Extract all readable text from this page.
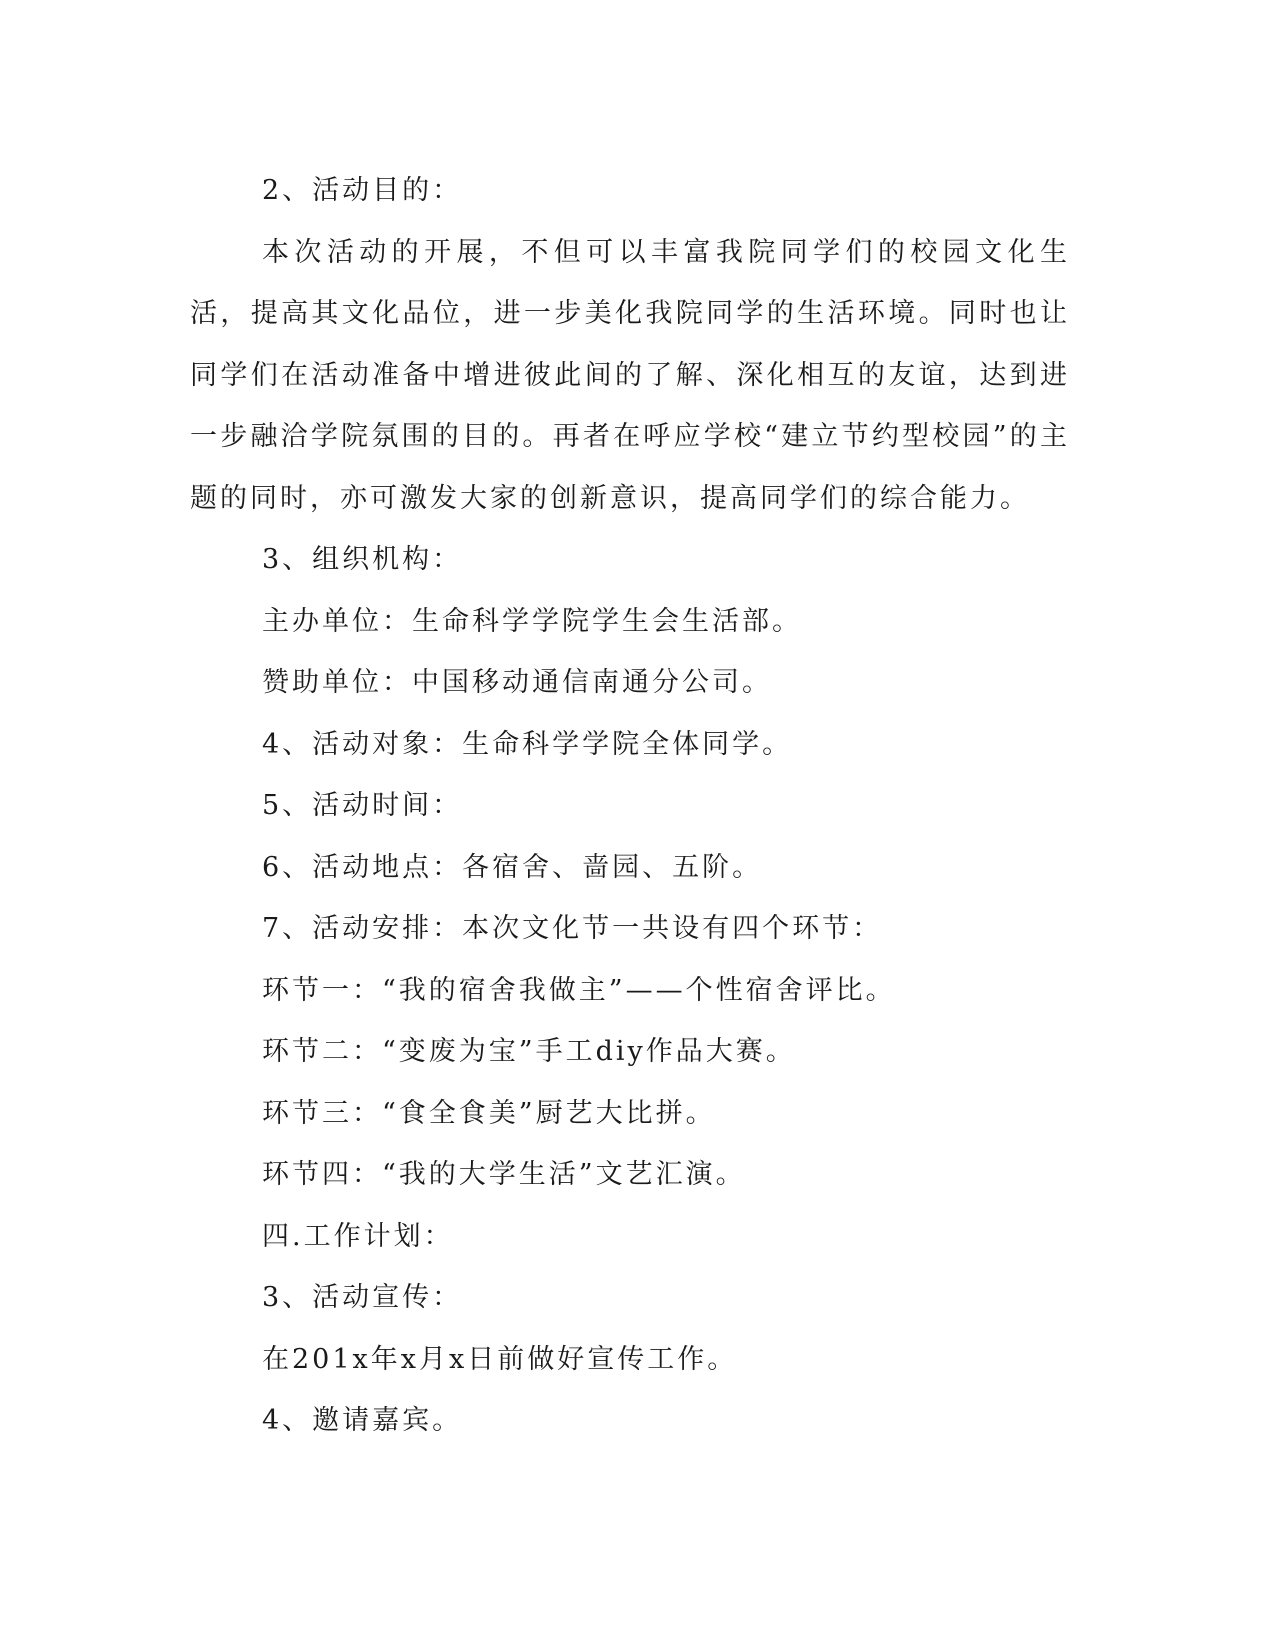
2、活动目的：

本次活动的开展，不但可以丰富我院同学们的校园文化生活，提高其文化品位，进一步美化我院同学的生活环境。同时也让同学们在活动准备中增进彼此间的了解、深化相互的友谊，达到进一步融洽学院氛围的目的。再者在呼应学校“建立节约型校园”的主题的同时，亦可激发大家的创新意识，提高同学们的综合能力。

3、组织机构：

主办单位：生命科学学院学生会生活部。

赞助单位：中国移动通信南通分公司。

4、活动对象：生命科学学院全体同学。

5、活动时间：

6、活动地点：各宿舍、啬园、五阶。

7、活动安排：本次文化节一共设有四个环节：

环节一：“我的宿舍我做主”——个性宿舍评比。

环节二：“变废为宝”手工diy作品大赛。

环节三：“食全食美”厨艺大比拼。

环节四：“我的大学生活”文艺汇演。

四.工作计划：

3、活动宣传：

在201x年x月x日前做好宣传工作。

4、邀请嘉宾。
